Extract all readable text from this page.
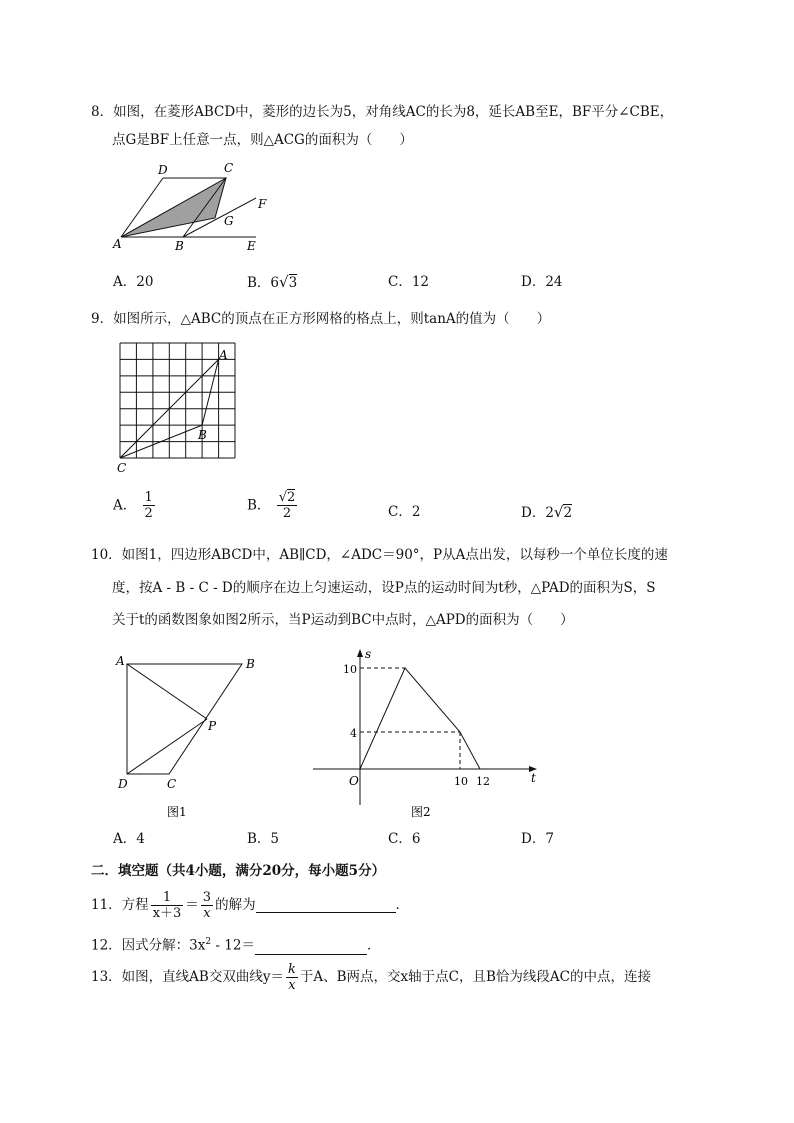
8．如图，在菱形ABCD中，菱形的边长为5，对角线AC的长为8，延长AB至E，BF平分∠CBE，
点G是BF上任意一点，则△ACG的面积为（　　）
D	C
F
G
A	B	E
A．20	B．6√3	C．12	D．24
9．如图所示，△ABC的顶点在正方形网格的格点上，则tanA的值为（　　）
A
B
C
A． $\frac{1}{2}$	B． $\frac{√2}{2}$	C．2	D．2√2
10．如图1，四边形ABCD中，AB∥CD，∠ADC＝90°，P从A点出发，以每秒一个单位长度的速
度，按A - B - C - D的顺序在边上匀速运动，设P点的运动时间为t秒，△PAD的面积为S，S
关于t的函数图象如图2所示，当P运动到BC中点时，△APD的面积为（　　）
A	B
P
D	C
图1
s
10
4
O	10 12	t
图2
A．4	B．5	C．6	D．7
二．填空题（共4小题，满分20分，每小题5分）
11．方程 $\frac{1}{x+3} = \frac{3}{x}$ 的解为	．
12．因式分解：$3x^2 - 12=$	．
13．如图，直线AB交双曲线$y= \frac{k}{x}$ 于A、B两点，交x轴于点C，且B恰为线段AC的中点，连接
